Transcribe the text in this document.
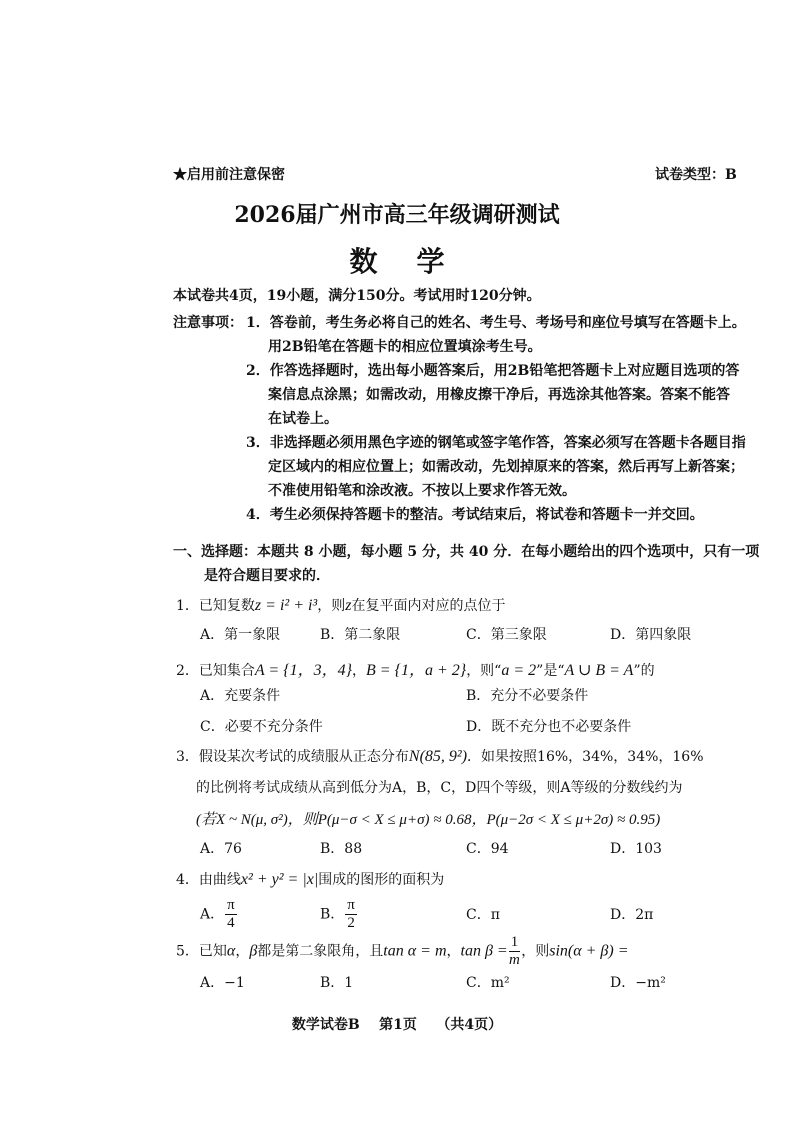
★启用前注意保密	试卷类型：B
2026届广州市高三年级调研测试
数    学
本试卷共4页，19小题，满分150分。考试用时120分钟。
注意事项： 1．答卷前，考生务必将自己的姓名、考生号、考场号和座位号填写在答题卡上。
用2B铅笔在答题卡的相应位置填涂考生号。
2．作答选择题时，选出每小题答案后，用2B铅笔把答题卡上对应题目选项的答
案信息点涂黑；如需改动，用橡皮擦干净后，再选涂其他答案。答案不能答
在试卷上。
3．非选择题必须用黑色字迹的钢笔或签字笔作答，答案必须写在答题卡各题目指
定区域内的相应位置上；如需改动，先划掉原来的答案，然后再写上新答案；
不准使用铅笔和涂改液。不按以上要求作答无效。
4．考生必须保持答题卡的整洁。考试结束后，将试卷和答题卡一并交回。
一、选择题：本题共 8 小题，每小题 5 分，共 40 分．在每小题给出的四个选项中，只有一项
是符合题目要求的．
1．已知复数z = i² + i³，则z在复平面内对应的点位于
A．第一象限	B．第二象限	C．第三象限	D．第四象限
2．已知集合A = {1，3，4}，B = {1，a + 2}，则“a = 2”是“A ∪ B = A”的
A．充要条件	B．充分不必要条件
C．必要不充分条件	D．既不充分也不必要条件
3．假设某次考试的成绩服从正态分布N(85, 9²)．如果按照16%，34%，34%，16%
的比例将考试成绩从高到低分为A，B，C，D四个等级，则A等级的分数线约为
(若X ~ N(μ, σ²)，则P(μ−σ < X ≤ μ+σ) ≈ 0.68，P(μ−2σ < X ≤ μ+2σ) ≈ 0.95)
A．76	B．88	C．94	D．103
4．由曲线x² + y² = |x|围成的图形的面积为
A． $\frac{\pi}{4}$	B． $\frac{\pi}{2}$	C．π	D．2π
5．已知α，β都是第二象限角，且tan α = m，$\tan \beta = \frac{1}{m}$ ，则sin(α + β) =
A．−1	B．1	C．m²	D．−m²
数学试卷B    第1页    （共4页）
